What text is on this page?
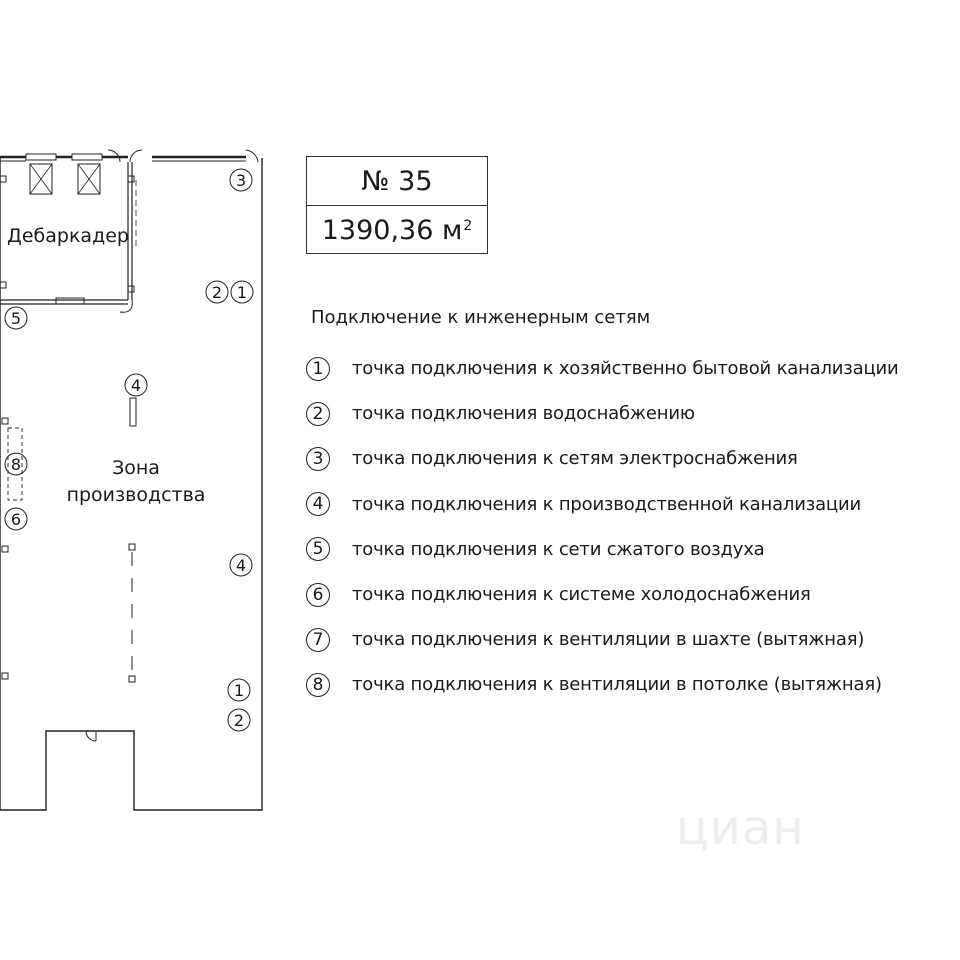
Дебаркадер
Зона
производства
3
2 1
5
4
8
6
4
1
2
№ 35
1390,36 $м^2$
Подключение к инженерным сетям
1	точка подключения к хозяйственно бытовой канализации
2	точка подключения водоснабжению
3	точка подключения к сетям электроснабжения
4	точка подключения к производственной канализации
5	точка подключения к сети сжатого воздуха
6	точка подключения к системе холодоснабжения
7	точка подключения к вентиляции в шахте (вытяжная)
8	точка подключения к вентиляции в потолке (вытяжная)
циан
